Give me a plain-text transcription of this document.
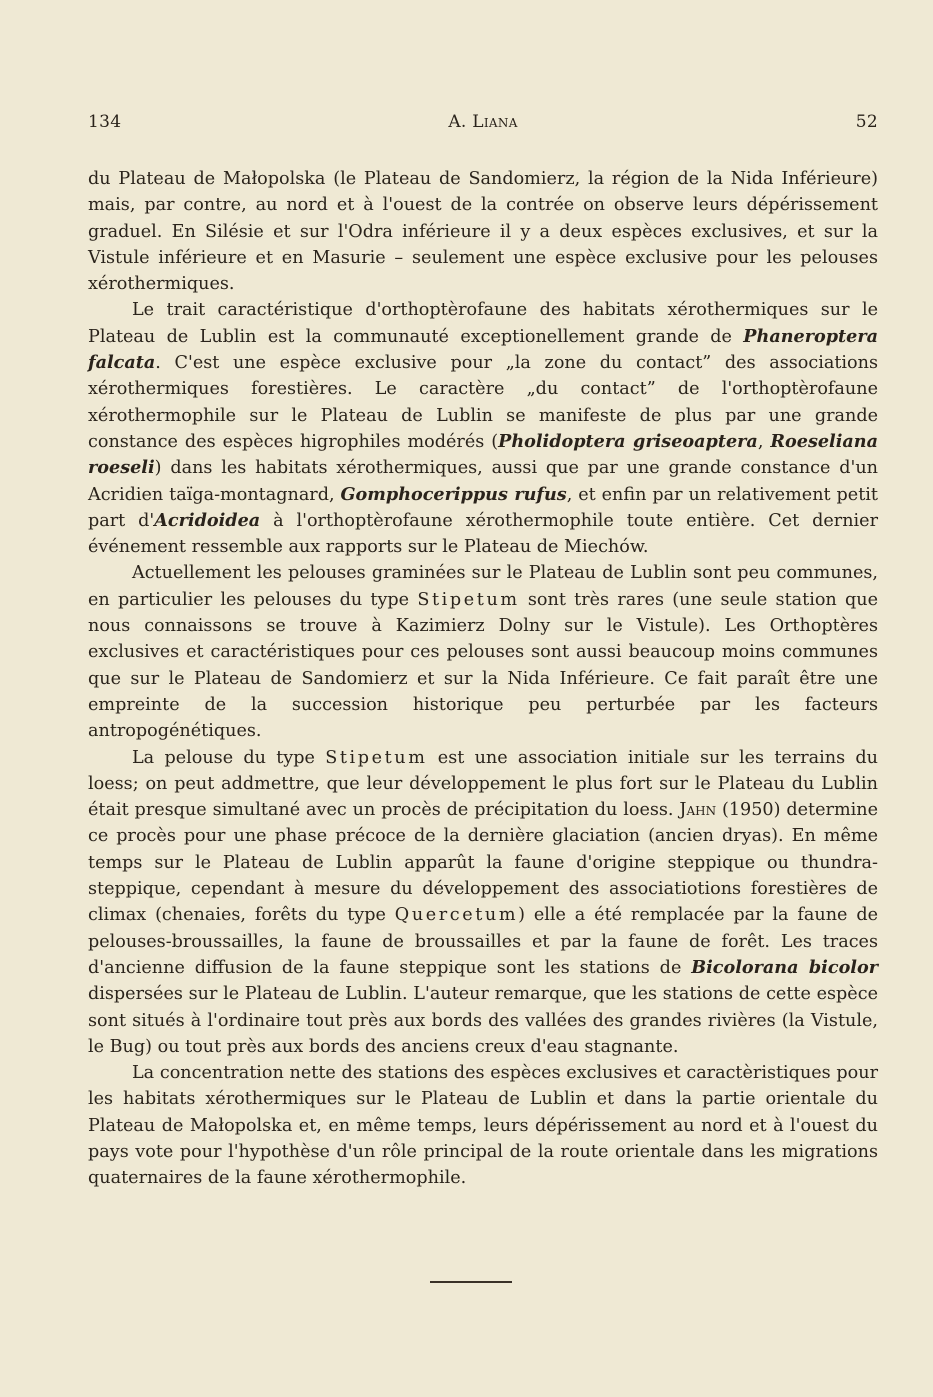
134	A. Liana	52

du Plateau de Małopolska (le Plateau de Sandomierz, la région de la Nida Inférieure) mais, par contre, au nord et à l'ouest de la contrée on observe leurs dépérissement graduel. En Silésie et sur l'Odra inférieure il y a deux espèces exclusives, et sur la Vistule inférieure et en Masurie – seulement une espèce exclusive pour les pelouses xérothermiques.

Le trait caractéristique d'orthoptèrofaune des habitats xérothermiques sur le Plateau de Lublin est la communauté exceptionellement grande de Phaneroptera falcata. C'est une espèce exclusive pour „la zone du contact” des associations xérothermiques forestières. Le caractère „du contact” de l'orthoptèrofaune xérothermophile sur le Plateau de Lublin se manifeste de plus par une grande constance des espèces higrophiles modérés (Pholidoptera griseoaptera, Roeseliana roeseli) dans les habitats xérothermiques, aussi que par une grande constance d'un Acridien taïga-montagnard, Gomphocerippus rufus, et enfin par un relativement petit part d'Acridoidea à l'orthoptèrofaune xérothermophile toute entière. Cet dernier événement ressemble aux rapports sur le Plateau de Miechów.

Actuellement les pelouses graminées sur le Plateau de Lublin sont peu communes, en particulier les pelouses du type Stipetum sont très rares (une seule station que nous connaissons se trouve à Kazimierz Dolny sur le Vistule). Les Orthoptères exclusives et caractéristiques pour ces pelouses sont aussi beaucoup moins communes que sur le Plateau de Sandomierz et sur la Nida Inférieure. Ce fait paraît être une empreinte de la succession historique peu perturbée par les facteurs antropogénétiques.

La pelouse du type Stipetum est une association initiale sur les terrains du loess; on peut addmettre, que leur développement le plus fort sur le Plateau du Lublin était presque simultané avec un procès de précipitation du loess. Jahn (1950) determine ce procès pour une phase précoce de la dernière glaciation (ancien dryas). En même temps sur le Plateau de Lublin apparût la faune d'origine steppique ou thundra-steppique, cependant à mesure du développement des associatiotions forestières de climax (chenaies, forêts du type Quercetum) elle a été remplacée par la faune de pelouses-broussailles, la faune de broussailles et par la faune de forêt. Les traces d'ancienne diffusion de la faune steppique sont les stations de Bicolorana bicolor dispersées sur le Plateau de Lublin. L'auteur remarque, que les stations de cette espèce sont situés à l'ordinaire tout près aux bords des vallées des grandes rivières (la Vistule, le Bug) ou tout près aux bords des anciens creux d'eau stagnante.

La concentration nette des stations des espèces exclusives et caractèristiques pour les habitats xérothermiques sur le Plateau de Lublin et dans la partie orientale du Plateau de Małopolska et, en même temps, leurs dépérissement au nord et à l'ouest du pays vote pour l'hypothèse d'un rôle principal de la route orientale dans les migrations quaternaires de la faune xérothermophile.
